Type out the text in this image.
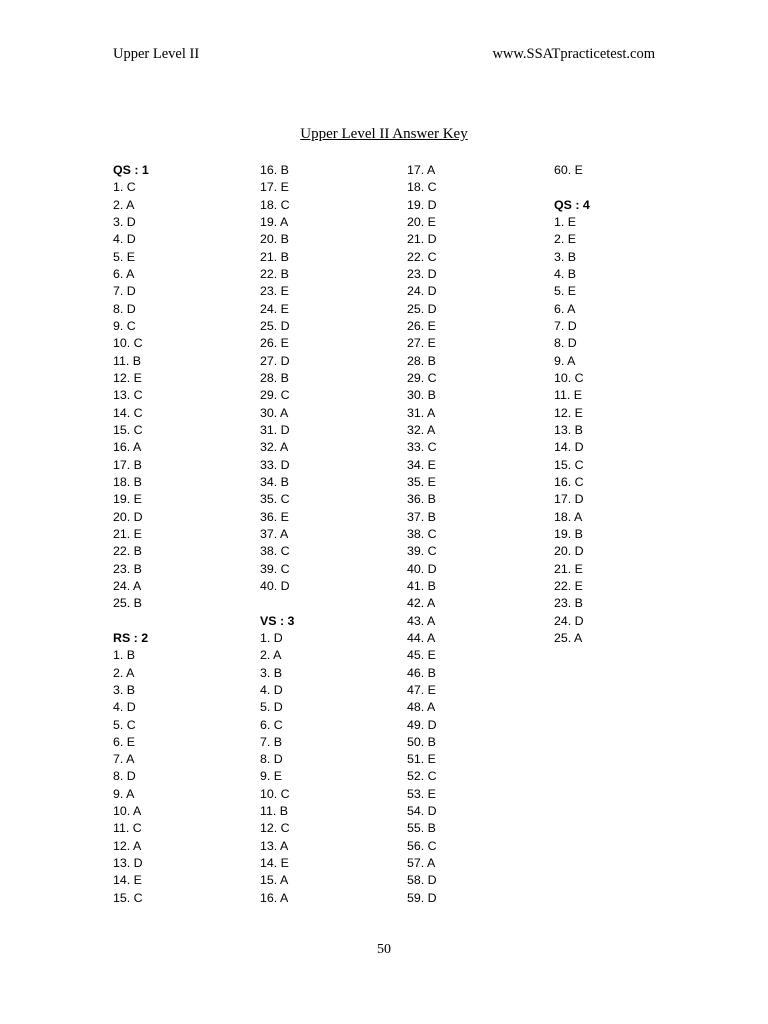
Upper Level II	www.SSATpracticetest.com
Upper Level II Answer Key
QS : 1
1. C
2. A
3. D
4. D
5. E
6. A
7. D
8. D
9. C
10. C
11. B
12. E
13. C
14. C
15. C
16. A
17. B
18. B
19. E
20. D
21. E
22. B
23. B
24. A
25. B
RS : 2
1. B
2. A
3. B
4. D
5. C
6. E
7. A
8. D
9. A
10. A
11. C
12. A
13. D
14. E
15. C
16. B
17. E
18. C
19. A
20. B
21. B
22. B
23. E
24. E
25. D
26. E
27. D
28. B
29. C
30. A
31. D
32. A
33. D
34. B
35. C
36. E
37. A
38. C
39. C
40. D
VS : 3
1. D
2. A
3. B
4. D
5. D
6. C
7. B
8. D
9. E
10. C
11. B
12. C
13. A
14. E
15. A
16. A
17. A
18. C
19. D
20. E
21. D
22. C
23. D
24. D
25. D
26. E
27. E
28. B
29. C
30. B
31. A
32. A
33. C
34. E
35. E
36. B
37. B
38. C
39. C
40. D
41. B
42. A
43. A
44. A
45. E
46. B
47. E
48. A
49. D
50. B
51. E
52. C
53. E
54. D
55. B
56. C
57. A
58. D
59. D
60. E
QS : 4
1. E
2. E
3. B
4. B
5. E
6. A
7. D
8. D
9. A
10. C
11. E
12. E
13. B
14. D
15. C
16. C
17. D
18. A
19. B
20. D
21. E
22. E
23. B
24. D
25. A
50
